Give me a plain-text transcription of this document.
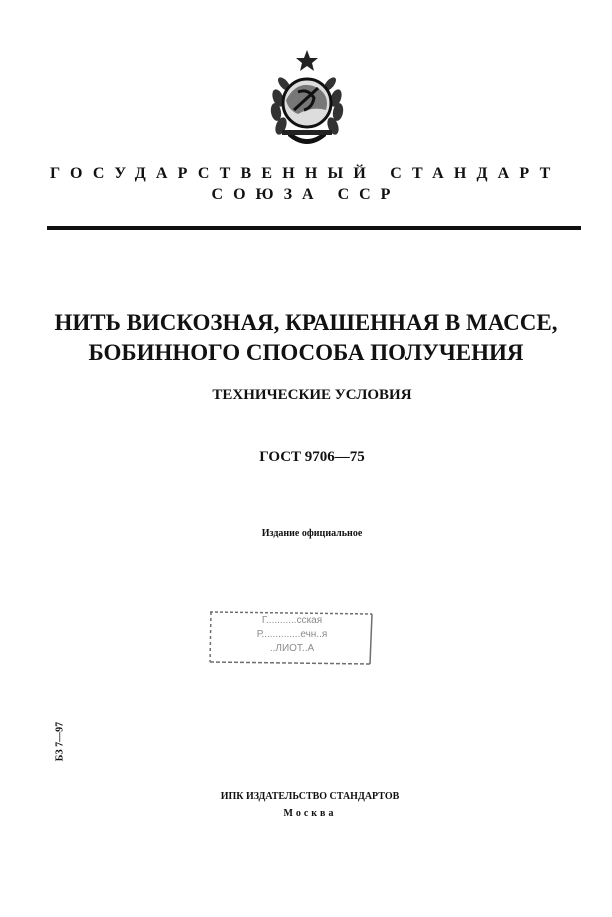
ГОСУДАРСТВЕННЫЙ СТАНДАРТ
СОЮЗА ССР
НИТЬ ВИСКОЗНАЯ, КРАШЕННАЯ В МАССЕ,
БОБИННОГО СПОСОБА ПОЛУЧЕНИЯ
ТЕХНИЧЕСКИЕ УСЛОВИЯ
ГОСТ 9706—75
Издание официальное
Г...........сская
Р..............ечн..я
..ЛИОТ..А
БЗ 7—97
ИПК ИЗДАТЕЛЬСТВО СТАНДАРТОВ
Москва
